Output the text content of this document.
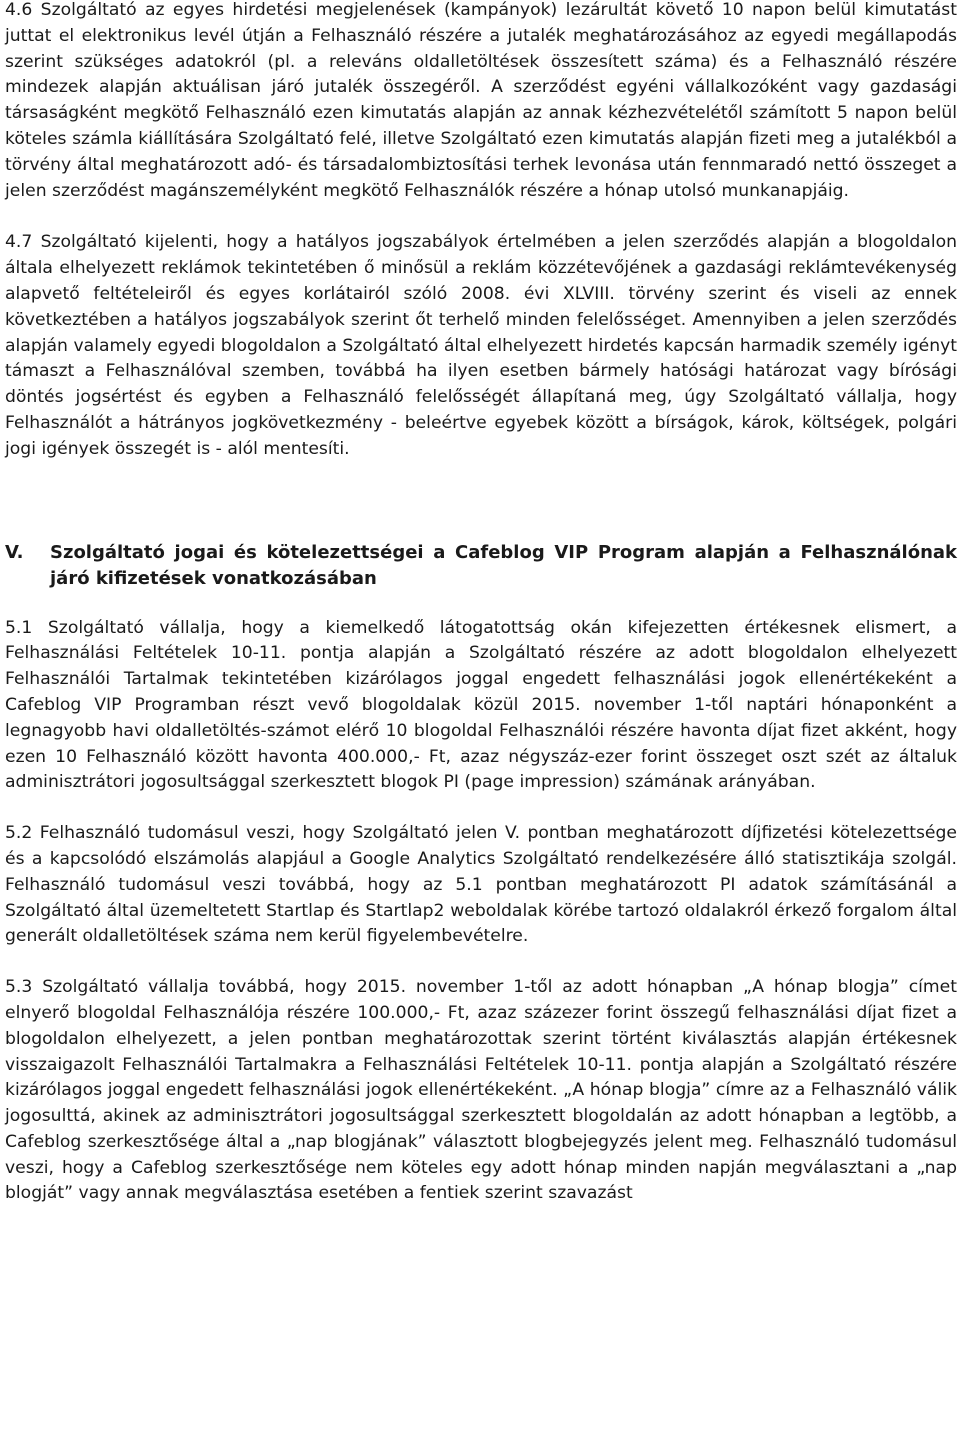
4.6 Szolgáltató az egyes hirdetési megjelenések (kampányok) lezárultát követő 10 napon belül kimutatást juttat el elektronikus levél útján a Felhasználó részére a jutalék meghatározásához az egyedi megállapodás szerint szükséges adatokról (pl. a releváns oldalletöltések összesített száma) és a Felhasználó részére mindezek alapján aktuálisan járó jutalék összegéről. A szerződést egyéni vállalkozóként vagy gazdasági társaságként megkötő Felhasználó ezen kimutatás alapján az annak kézhezvételétől számított 5 napon belül köteles számla kiállítására Szolgáltató felé, illetve Szolgáltató ezen kimutatás alapján fizeti meg a jutalékból a törvény által meghatározott adó- és társadalombiztosítási terhek levonása után fennmaradó nettó összeget a jelen szerződést magánszemélyként megkötő Felhasználók részére a hónap utolsó munkanapjáig.

4.7 Szolgáltató kijelenti, hogy a hatályos jogszabályok értelmében a jelen szerződés alapján a blogoldalon általa elhelyezett reklámok tekintetében ő minősül a reklám közzétevőjének a gazdasági reklámtevékenység alapvető feltételeiről és egyes korlátairól szóló 2008. évi XLVIII. törvény szerint és viseli az ennek következtében a hatályos jogszabályok szerint őt terhelő minden felelősséget. Amennyiben a jelen szerződés alapján valamely egyedi blogoldalon a Szolgáltató által elhelyezett hirdetés kapcsán harmadik személy igényt támaszt a Felhasználóval szemben, továbbá ha ilyen esetben bármely hatósági határozat vagy bírósági döntés jogsértést és egyben a Felhasználó felelősségét állapítaná meg, úgy Szolgáltató vállalja, hogy Felhasználót a hátrányos jogkövetkezmény - beleértve egyebek között a bírságok, károk, költségek, polgári jogi igények összegét is - alól mentesíti.

V.	Szolgáltató jogai és kötelezettségei a Cafeblog VIP Program alapján a Felhasználónak járó kifizetések vonatkozásában

5.1 Szolgáltató vállalja, hogy a kiemelkedő látogatottság okán kifejezetten értékesnek elismert, a Felhasználási Feltételek 10-11. pontja alapján a Szolgáltató részére az adott blogoldalon elhelyezett Felhasználói Tartalmak tekintetében kizárólagos joggal engedett felhasználási jogok ellenértékeként a Cafeblog VIP Programban részt vevő blogoldalak közül 2015. november 1-től naptári hónaponként a legnagyobb havi oldalletöltés-számot elérő 10 blogoldal Felhasználói részére havonta díjat fizet akként, hogy ezen 10 Felhasználó között havonta 400.000,- Ft, azaz négyszáz-ezer forint összeget oszt szét az általuk adminisztrátori jogosultsággal szerkesztett blogok PI (page impression) számának arányában.

5.2 Felhasználó tudomásul veszi, hogy Szolgáltató jelen V. pontban meghatározott díjfizetési kötelezettsége és a kapcsolódó elszámolás alapjául a Google Analytics Szolgáltató rendelkezésére álló statisztikája szolgál. Felhasználó tudomásul veszi továbbá, hogy az 5.1 pontban meghatározott PI adatok számításánál a Szolgáltató által üzemeltetett Startlap és Startlap2 weboldalak körébe tartozó oldalakról érkező forgalom által generált oldalletöltések száma nem kerül figyelembevételre.

5.3 Szolgáltató vállalja továbbá, hogy 2015. november 1-től az adott hónapban „A hónap blogja” címet elnyerő blogoldal Felhasználója részére 100.000,- Ft, azaz százezer forint összegű felhasználási díjat fizet a blogoldalon elhelyezett, a jelen pontban meghatározottak szerint történt kiválasztás alapján értékesnek visszaigazolt Felhasználói Tartalmakra a Felhasználási Feltételek 10-11. pontja alapján a Szolgáltató részére kizárólagos joggal engedett felhasználási jogok ellenértékeként. „A hónap blogja” címre az a Felhasználó válik jogosulttá, akinek az adminisztrátori jogosultsággal szerkesztett blogoldalán az adott hónapban a legtöbb, a Cafeblog szerkesztősége által a „nap blogjának” választott blogbejegyzés jelent meg. Felhasználó tudomásul veszi, hogy a Cafeblog szerkesztősége nem köteles egy adott hónap minden napján megválasztani a „nap blogját” vagy annak megválasztása esetében a fentiek szerint szavazást
